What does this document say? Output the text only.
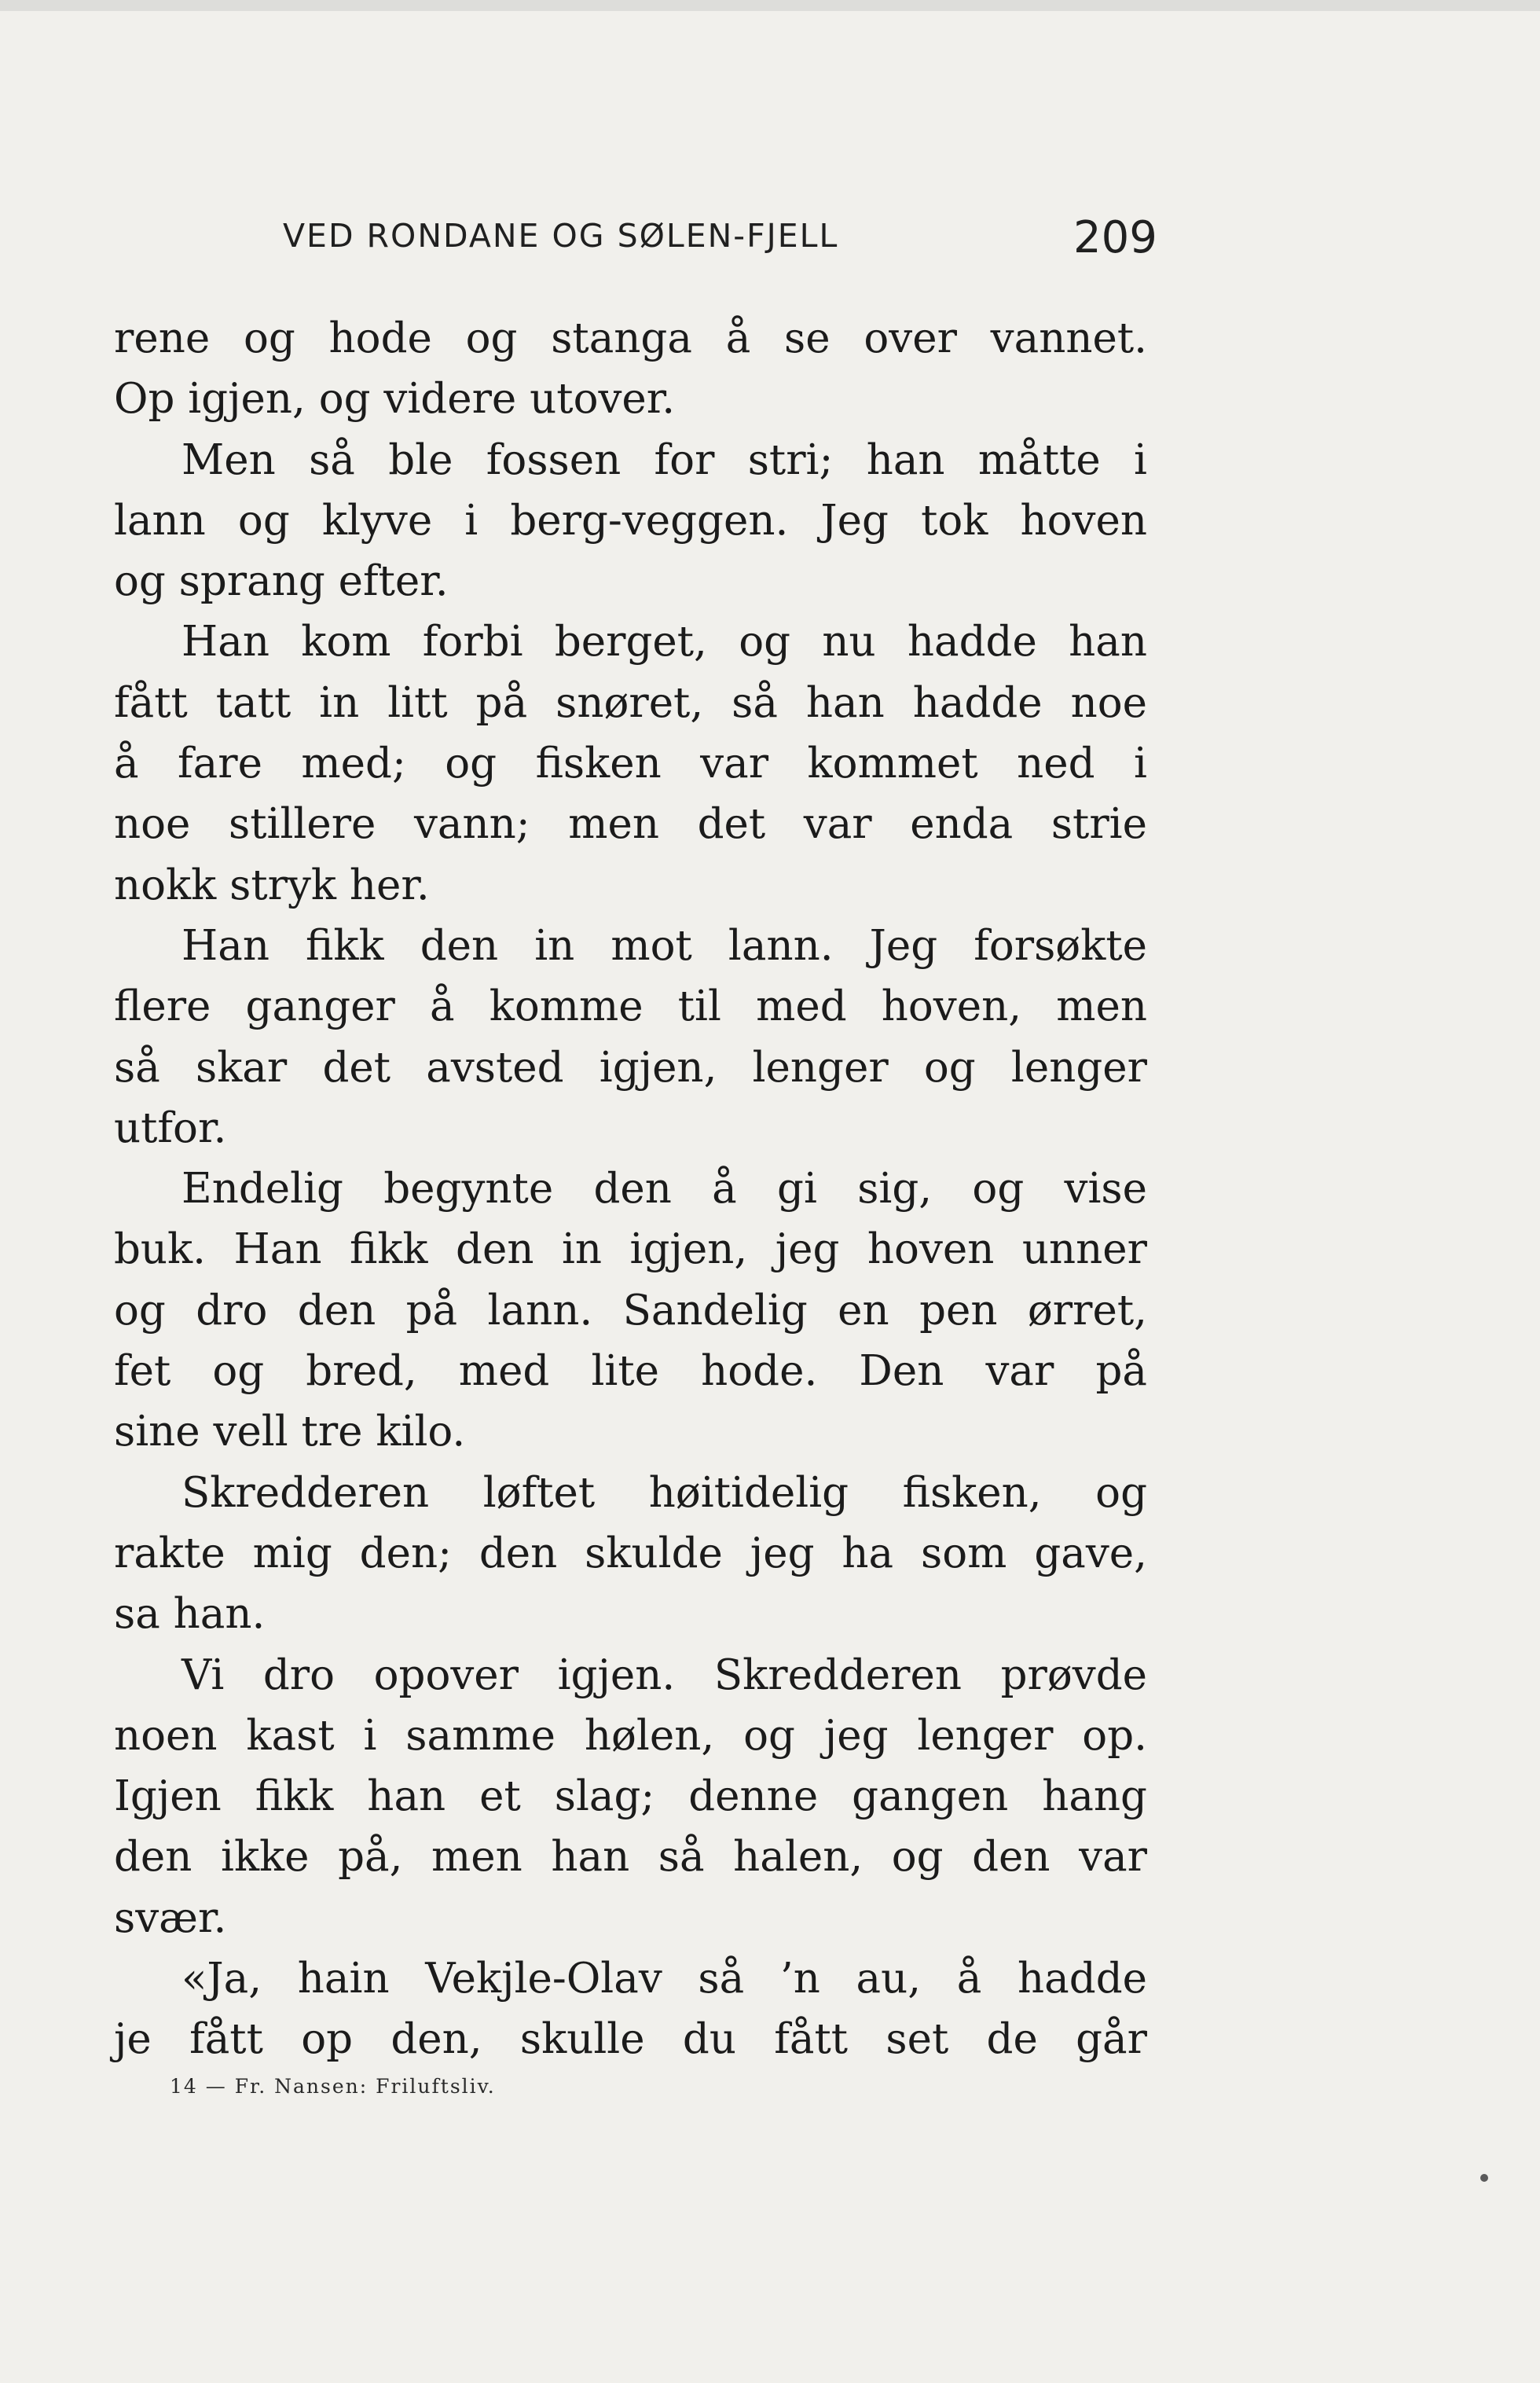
VED RONDANE OG SØLEN-FJELL	209
rene og hode og stanga å se over vannet.
Op igjen, og videre utover.
Men så ble fossen for stri; han måtte i
lann og klyve i berg-veggen. Jeg tok hoven
og sprang efter.
Han kom forbi berget, og nu hadde han
fått tatt in litt på snøret, så han hadde noe
å fare med; og fisken var kommet ned i
noe stillere vann; men det var enda strie
nokk stryk her.
Han fikk den in mot lann. Jeg forsøkte
flere ganger å komme til med hoven, men
så skar det avsted igjen, lenger og lenger
utfor.
Endelig begynte den å gi sig, og vise
buk. Han fikk den in igjen, jeg hoven unner
og dro den på lann. Sandelig en pen ørret,
fet og bred, med lite hode. Den var på
sine vell tre kilo.
Skredderen løftet høitidelig fisken, og
rakte mig den; den skulde jeg ha som gave,
sa han.
Vi dro opover igjen. Skredderen prøvde
noen kast i samme hølen, og jeg lenger op.
Igjen fikk han et slag; denne gangen hang
den ikke på, men han så halen, og den var
svær.
«Ja, hain Vekjle-Olav så ’n au, å hadde
je fått op den, skulle du fått set de går
14 — Fr. Nansen: Friluftsliv.
